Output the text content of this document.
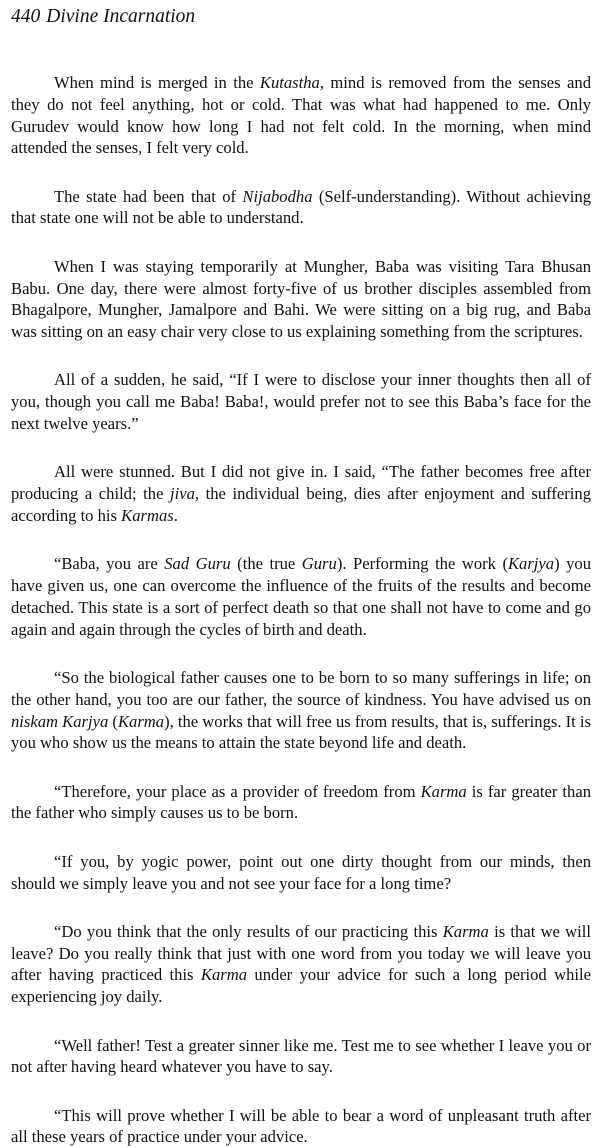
440 Divine Incarnation

When mind is merged in the Kutastha, mind is removed from the senses and they do not feel anything, hot or cold. That was what had happened to me. Only Gurudev would know how long I had not felt cold. In the morning, when mind attended the senses, I felt very cold.

The state had been that of Nijabodha (Self-understanding). Without achieving that state one will not be able to understand.

When I was staying temporarily at Mungher, Baba was visiting Tara Bhusan Babu. One day, there were almost forty-five of us brother disciples assembled from Bhagalpore, Mungher, Jamalpore and Bahi. We were sitting on a big rug, and Baba was sitting on an easy chair very close to us explaining something from the scriptures.

All of a sudden, he said, “If I were to disclose your inner thoughts then all of you, though you call me Baba! Baba!, would prefer not to see this Baba’s face for the next twelve years.”

All were stunned. But I did not give in. I said, “The father becomes free after producing a child; the jiva, the individual being, dies after enjoyment and suffering according to his Karmas.

“Baba, you are Sad Guru (the true Guru). Performing the work (Karjya) you have given us, one can overcome the influence of the fruits of the results and become detached. This state is a sort of perfect death so that one shall not have to come and go again and again through the cycles of birth and death.

“So the biological father causes one to be born to so many sufferings in life; on the other hand, you too are our father, the source of kindness. You have advised us on niskam Karjya (Karma), the works that will free us from results, that is, sufferings. It is you who show us the means to attain the state beyond life and death.

“Therefore, your place as a provider of freedom from Karma is far greater than the father who simply causes us to be born.

“If you, by yogic power, point out one dirty thought from our minds, then should we simply leave you and not see your face for a long time?

“Do you think that the only results of our practicing this Karma is that we will leave? Do you really think that just with one word from you today we will leave you after having practiced this Karma under your advice for such a long period while experiencing joy daily.

“Well father! Test a greater sinner like me. Test me to see whether I leave you or not after having heard whatever you have to say.

“This will prove whether I will be able to bear a word of unpleasant truth after all these years of practice under your advice.
